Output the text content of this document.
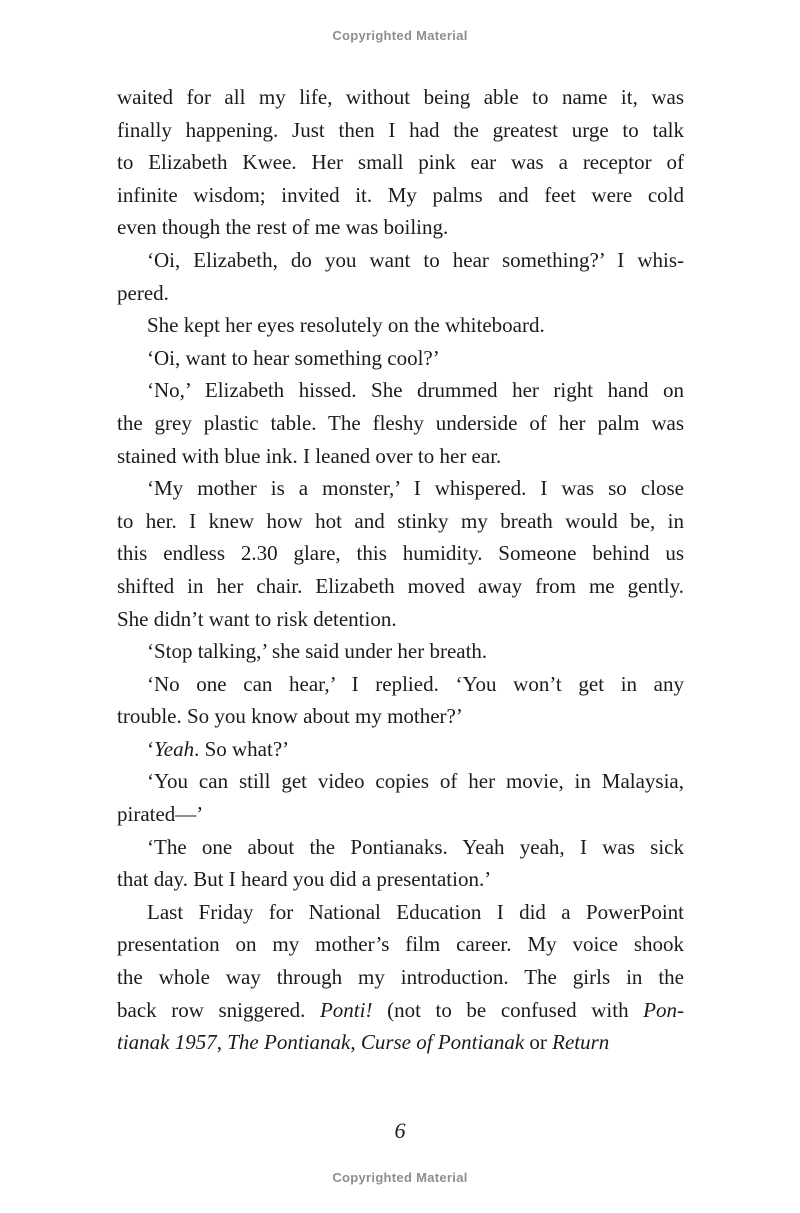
Copyrighted Material
waited for all my life, without being able to name it, was
finally happening. Just then I had the greatest urge to talk
to Elizabeth Kwee. Her small pink ear was a receptor of
infinite wisdom; invited it. My palms and feet were cold
even though the rest of me was boiling.
‘Oi, Elizabeth, do you want to hear something?’ I whis-
pered.
She kept her eyes resolutely on the whiteboard.
‘Oi, want to hear something cool?’
‘No,’ Elizabeth hissed. She drummed her right hand on
the grey plastic table. The fleshy underside of her palm was
stained with blue ink. I leaned over to her ear.
‘My mother is a monster,’ I whispered. I was so close
to her. I knew how hot and stinky my breath would be, in
this endless 2.30 glare, this humidity. Someone behind us
shifted in her chair. Elizabeth moved away from me gently.
She didn’t want to risk detention.
‘Stop talking,’ she said under her breath.
‘No one can hear,’ I replied. ‘You won’t get in any
trouble. So you know about my mother?’
‘Yeah. So what?’
‘You can still get video copies of her movie, in Malaysia,
pirated—’
‘The one about the Pontianaks. Yeah yeah, I was sick
that day. But I heard you did a presentation.’
Last Friday for National Education I did a PowerPoint
presentation on my mother’s film career. My voice shook
the whole way through my introduction. The girls in the
back row sniggered. Ponti! (not to be confused with Pon-
tianak 1957, The Pontianak, Curse of Pontianak or Return
6
Copyrighted Material
